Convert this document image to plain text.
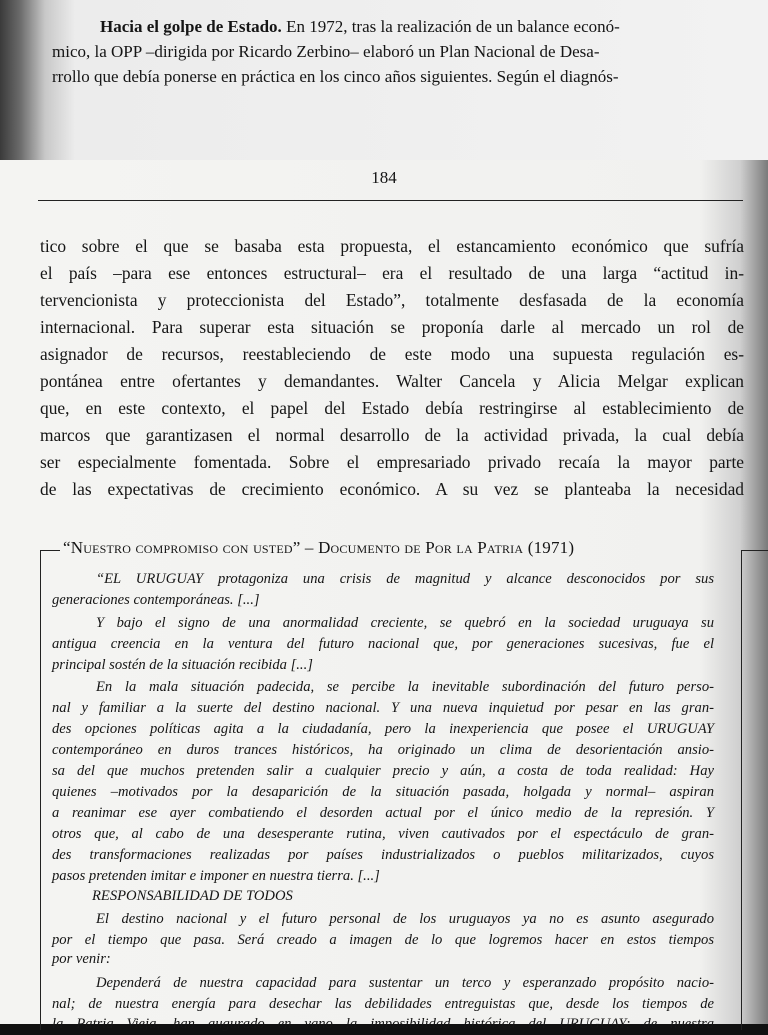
Hacia el golpe de Estado. En 1972, tras la realización de un balance econó-
mico, la OPP –dirigida por Ricardo Zerbino– elaboró un Plan Nacional de Desa-
rrollo que debía ponerse en práctica en los cinco años siguientes. Según el diagnós-
184
tico sobre el que se basaba esta propuesta, el estancamiento económico que sufría
el país –para ese entonces estructural– era el resultado de una larga “actitud in-
tervencionista y proteccionista del Estado”, totalmente desfasada de la economía
internacional. Para superar esta situación se proponía darle al mercado un rol de
asignador de recursos, reestableciendo de este modo una supuesta regulación es-
pontánea entre ofertantes y demandantes. Walter Cancela y Alicia Melgar explican
que, en este contexto, el papel del Estado debía restringirse al establecimiento de
marcos que garantizasen el normal desarrollo de la actividad privada, la cual debía
ser especialmente fomentada. Sobre el empresariado privado recaía la mayor parte
de las expectativas de crecimiento económico. A su vez se planteaba la necesidad
“Nuestro compromiso con usted” – Documento de Por la Patria (1971)
“EL URUGUAY protagoniza una crisis de magnitud y alcance desconocidos por sus
generaciones contemporáneas. [...]
Y bajo el signo de una anormalidad creciente, se quebró en la sociedad uruguaya su
antigua creencia en la ventura del futuro nacional que, por generaciones sucesivas, fue el
principal sostén de la situación recibida [...]
En la mala situación padecida, se percibe la inevitable subordinación del futuro perso-
nal y familiar a la suerte del destino nacional. Y una nueva inquietud por pesar en las gran-
des opciones políticas agita a la ciudadanía, pero la inexperiencia que posee el URUGUAY
contemporáneo en duros trances históricos, ha originado un clima de desorientación ansio-
sa del que muchos pretenden salir a cualquier precio y aún, a costa de toda realidad: Hay
quienes –motivados por la desaparición de la situación pasada, holgada y normal– aspiran
a reanimar ese ayer combatiendo el desorden actual por el único medio de la represión. Y
otros que, al cabo de una desesperante rutina, viven cautivados por el espectáculo de gran-
des transformaciones realizadas por países industrializados o pueblos militarizados, cuyos
pasos pretenden imitar e imponer en nuestra tierra. [...]
RESPONSABILIDAD DE TODOS
El destino nacional y el futuro personal de los uruguayos ya no es asunto asegurado
por el tiempo que pasa. Será creado a imagen de lo que logremos hacer en estos tiempos
por venir:
Dependerá de nuestra capacidad para sustentar un terco y esperanzado propósito nacio-
nal; de nuestra energía para desechar las debilidades entreguistas que, desde los tiempos de
la Patria Vieja, han augurado en vano la imposibilidad histórica del URUGUAY; de nuestra
